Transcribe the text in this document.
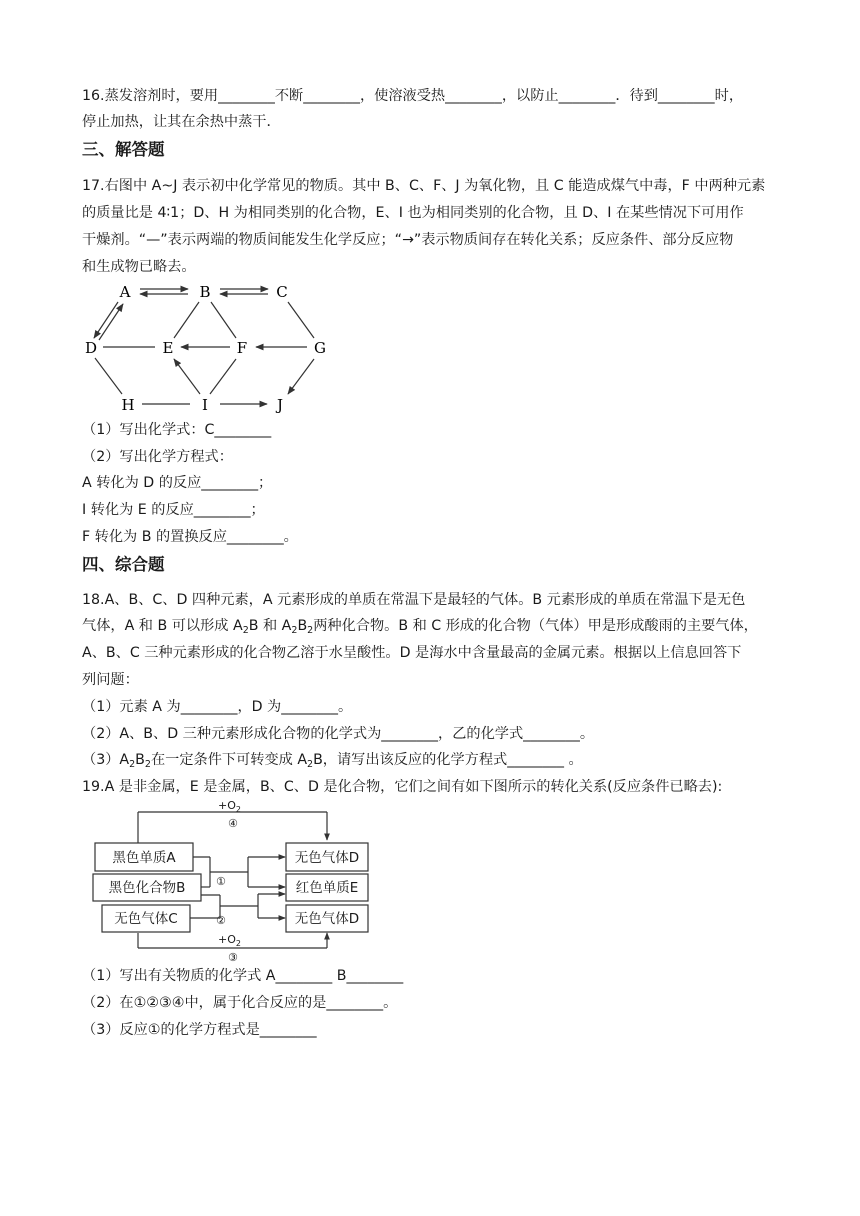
16.蒸发溶剂时，要用________不断________，使溶液受热________，以防止________．待到________时，
停止加热，让其在余热中蒸干．
三、解答题
17.右图中 A~J 表示初中化学常见的物质。其中 B、C、F、J 为氧化物，且 C 能造成煤气中毒，F 中两种元素
的质量比是 4∶1；D、H 为相同类别的化合物，E、I 也为相同类别的化合物，且 D、I 在某些情况下可用作
干燥剂。“—”表示两端的物质间能发生化学反应；“→”表示物质间存在转化关系；反应条件、部分反应物
和生成物已略去。
A	B	C
D	E	F	G
H	I	J
（1）写出化学式：C________
（2）写出化学方程式：
A 转化为 D 的反应________；
I 转化为 E 的反应________；
F 转化为 B 的置换反应________。
四、综合题
18.A、B、C、D 四种元素，A 元素形成的单质在常温下是最轻的气体。B 元素形成的单质在常温下是无色
气体，A 和 B 可以形成 $A_2B$ 和 $A_2B_2$两种化合物。B 和 C 形成的化合物（气体）甲是形成酸雨的主要气体，
A、B、C 三种元素形成的化合物乙溶于水呈酸性。D 是海水中含量最高的金属元素。根据以上信息回答下
列问题：
（1）元素 A 为________，D 为________。
（2）A、B、D 三种元素形成化合物的化学式为________，乙的化学式________。
$(3)A_2B_2$在一定条件下可转变成 $A_2B$，请写出该反应的化学方程式________ 。
19.A 是非金属，E 是金属，B、C、D 是化合物，它们之间有如下图所示的转化关系(反应条件已略去):
$+O_2$
④
$+O_2$
③
黑色单质A
黑色化合物B
无色气体C
无色气体D
红色单质E
无色气体D
①
②
（1）写出有关物质的化学式 A________ B________
（2）在①②③④中，属于化合反应的是________。
（3）反应①的化学方程式是________
